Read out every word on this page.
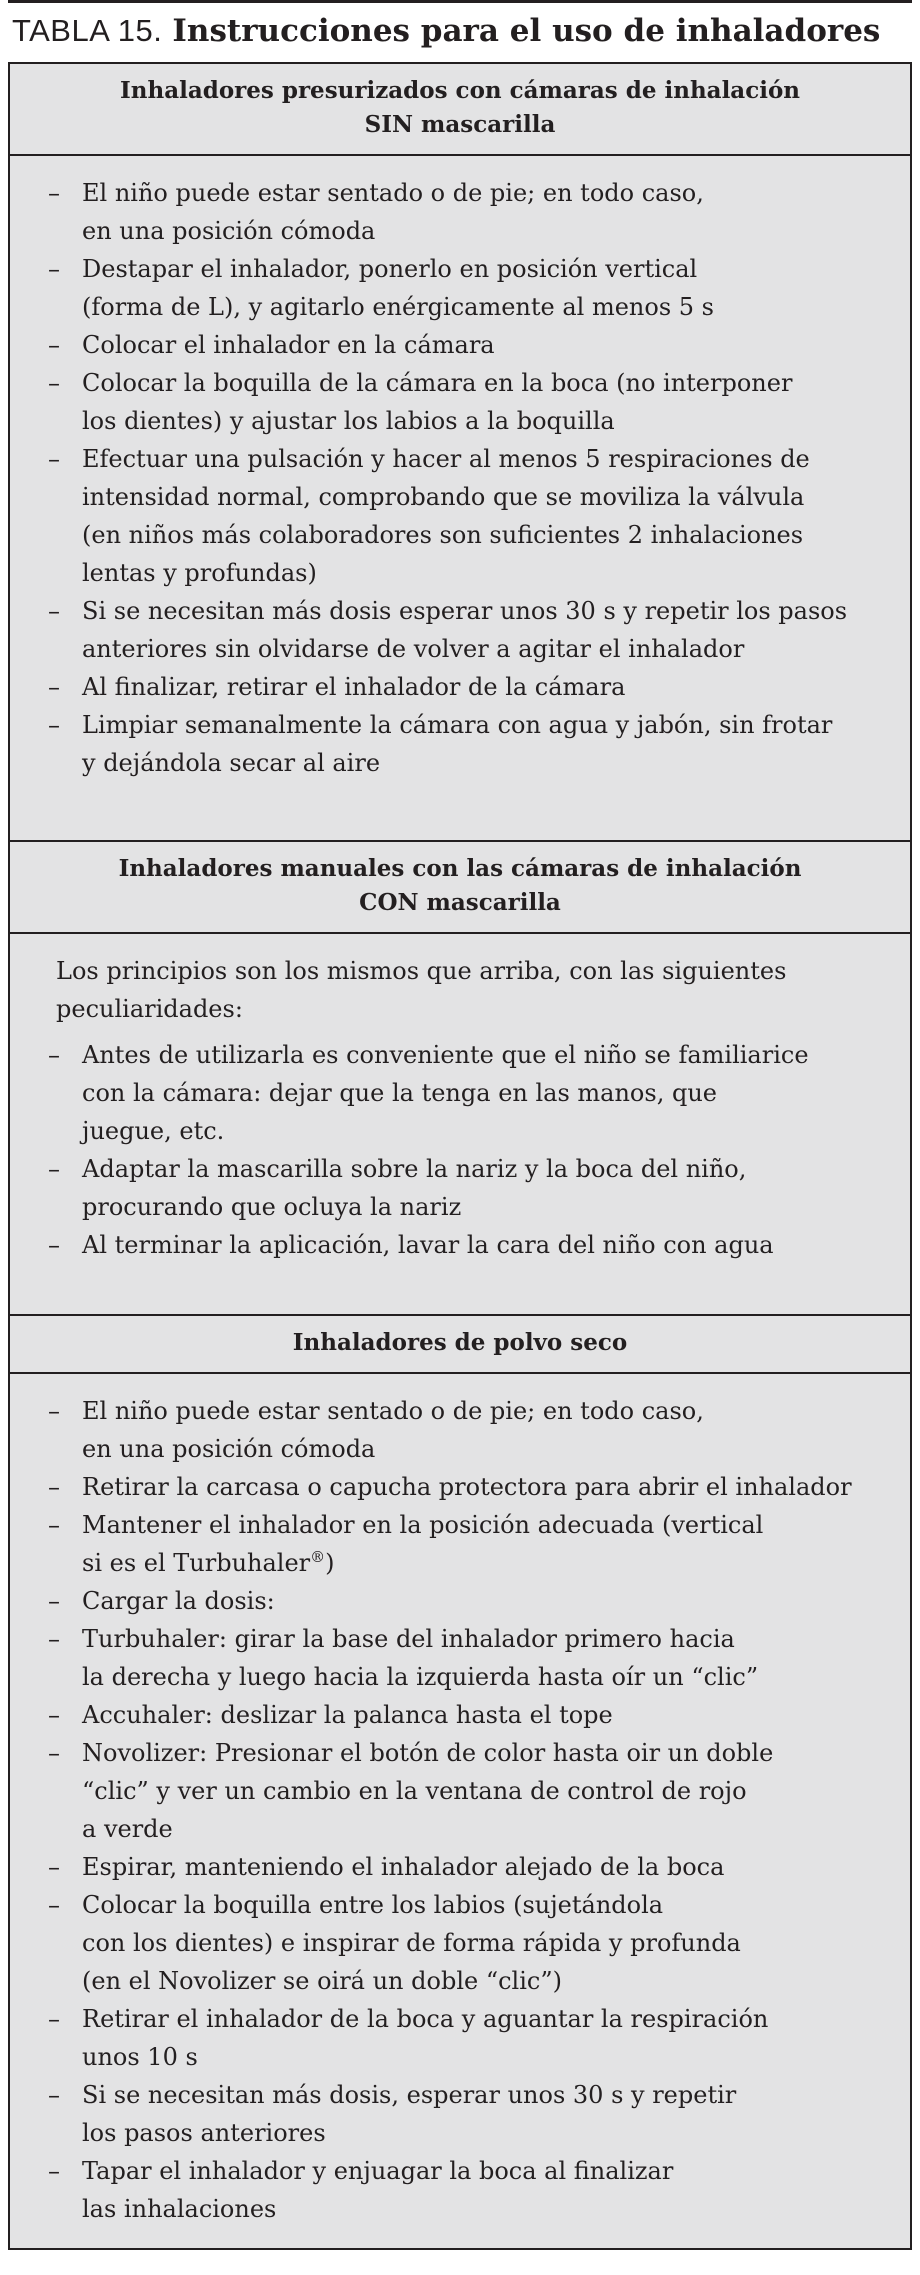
TABLA 15. Instrucciones para el uso de inhaladores
Inhaladores presurizados con cámaras de inhalación
SIN mascarilla
– El niño puede estar sentado o de pie; en todo caso,
en una posición cómoda
– Destapar el inhalador, ponerlo en posición vertical
(forma de L), y agitarlo enérgicamente al menos 5 s
– Colocar el inhalador en la cámara
– Colocar la boquilla de la cámara en la boca (no interponer
los dientes) y ajustar los labios a la boquilla
– Efectuar una pulsación y hacer al menos 5 respiraciones de
intensidad normal, comprobando que se moviliza la válvula
(en niños más colaboradores son suficientes 2 inhalaciones
lentas y profundas)
– Si se necesitan más dosis esperar unos 30 s y repetir los pasos
anteriores sin olvidarse de volver a agitar el inhalador
– Al finalizar, retirar el inhalador de la cámara
– Limpiar semanalmente la cámara con agua y jabón, sin frotar
y dejándola secar al aire
Inhaladores manuales con las cámaras de inhalación
CON mascarilla
Los principios son los mismos que arriba, con las siguientes
peculiaridades:
– Antes de utilizarla es conveniente que el niño se familiarice
con la cámara: dejar que la tenga en las manos, que
juegue, etc.
– Adaptar la mascarilla sobre la nariz y la boca del niño,
procurando que ocluya la nariz
– Al terminar la aplicación, lavar la cara del niño con agua
Inhaladores de polvo seco
– El niño puede estar sentado o de pie; en todo caso,
en una posición cómoda
– Retirar la carcasa o capucha protectora para abrir el inhalador
– Mantener el inhalador en la posición adecuada (vertical
si es el Turbuhaler®)
– Cargar la dosis:
– Turbuhaler: girar la base del inhalador primero hacia
la derecha y luego hacia la izquierda hasta oír un “clic”
– Accuhaler: deslizar la palanca hasta el tope
– Novolizer: Presionar el botón de color hasta oir un doble
“clic” y ver un cambio en la ventana de control de rojo
a verde
– Espirar, manteniendo el inhalador alejado de la boca
– Colocar la boquilla entre los labios (sujetándola
con los dientes) e inspirar de forma rápida y profunda
(en el Novolizer se oirá un doble “clic”)
– Retirar el inhalador de la boca y aguantar la respiración
unos 10 s
– Si se necesitan más dosis, esperar unos 30 s y repetir
los pasos anteriores
– Tapar el inhalador y enjuagar la boca al finalizar
las inhalaciones
